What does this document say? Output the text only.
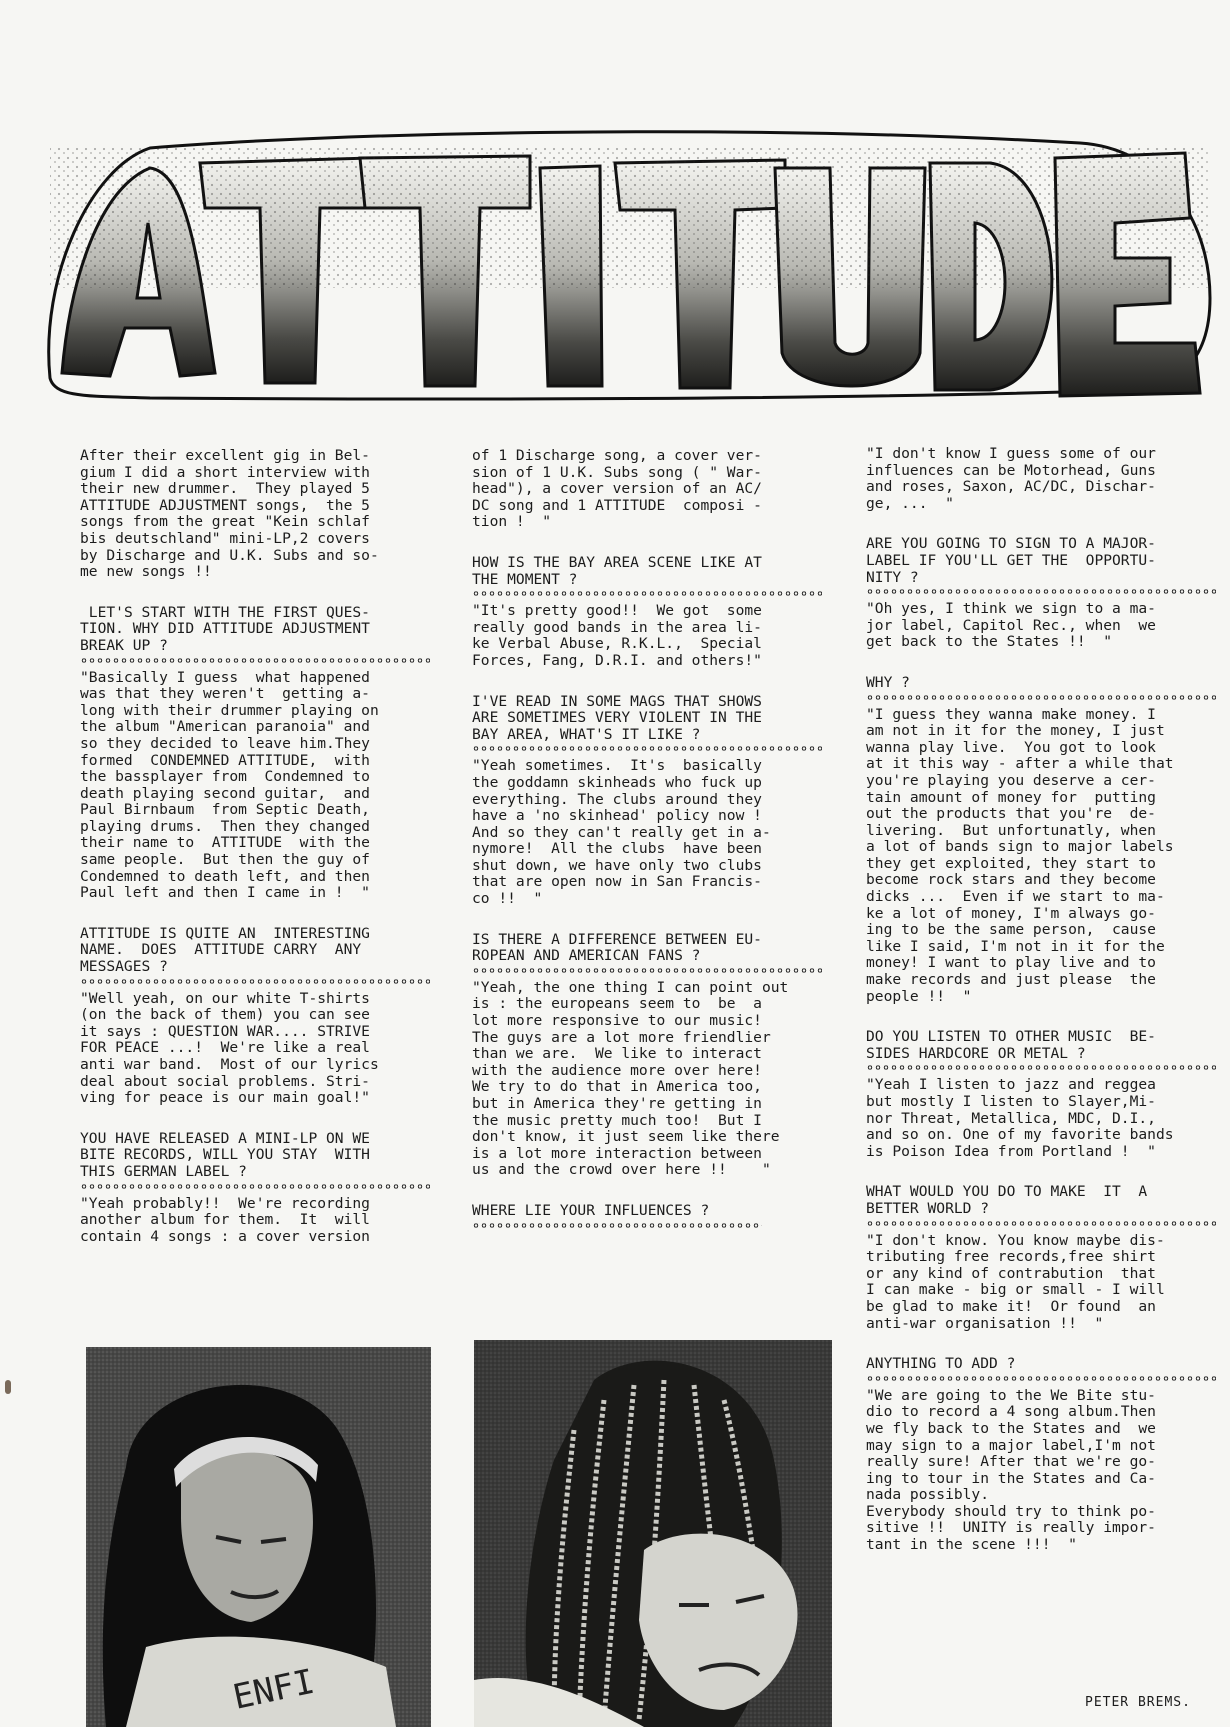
After their excellent gig in Bel-
gium I did a short interview with
their new drummer.  They played 5
ATTITUDE ADJUSTMENT songs,  the 5
songs from the great "Kein schlaf
bis deutschland" mini-LP,2 covers
by Discharge and U.K. Subs and so-
me new songs !!
LET'S START WITH THE FIRST QUES-
TION. WHY DID ATTITUDE ADJUSTMENT
BREAK UP ?
"Basically I guess  what happened
was that they weren't  getting a-
long with their drummer playing on
the album "American paranoia" and
so they decided to leave him.They
formed  CONDEMNED ATTITUDE,  with
the bassplayer from  Condemned to
death playing second guitar,  and
Paul Birnbaum  from Septic Death,
playing drums.  Then they changed
their name to  ATTITUDE  with the
same people.  But then the guy of
Condemned to death left, and then
Paul left and then I came in !  "
ATTITUDE IS QUITE AN  INTERESTING
NAME.  DOES  ATTITUDE CARRY  ANY
MESSAGES ?
"Well yeah, on our white T-shirts
(on the back of them) you can see
it says : QUESTION WAR.... STRIVE
FOR PEACE ...!  We're like a real
anti war band.  Most of our lyrics
deal about social problems. Stri-
ving for peace is our main goal!"
YOU HAVE RELEASED A MINI-LP ON WE
BITE RECORDS, WILL YOU STAY  WITH
THIS GERMAN LABEL ?
"Yeah probably!!  We're recording
another album for them.  It  will
contain 4 songs : a cover version
of 1 Discharge song, a cover ver-
sion of 1 U.K. Subs song ( " War-
head"), a cover version of an AC/
DC song and 1 ATTITUDE  composi -
tion !  "
HOW IS THE BAY AREA SCENE LIKE AT
THE MOMENT ?
"It's pretty good!!  We got  some
really good bands in the area li-
ke Verbal Abuse, R.K.L.,  Special
Forces, Fang, D.R.I. and others!"
I'VE READ IN SOME MAGS THAT SHOWS
ARE SOMETIMES VERY VIOLENT IN THE
BAY AREA, WHAT'S IT LIKE ?
"Yeah sometimes.  It's  basically
the goddamn skinheads who fuck up
everything. The clubs around they
have a 'no skinhead' policy now !
And so they can't really get in a-
nymore!  All the clubs  have been
shut down, we have only two clubs
that are open now in San Francis-
co !!  "
IS THERE A DIFFERENCE BETWEEN EU-
ROPEAN AND AMERICAN FANS ?
"Yeah, the one thing I can point out
is : the europeans seem to  be  a
lot more responsive to our music!
The guys are a lot more friendlier
than we are.  We like to interact
with the audience more over here!
We try to do that in America too,
but in America they're getting in
the music pretty much too!  But I
don't know, it just seem like there
is a lot more interaction between
us and the crowd over here !!    "
WHERE LIE YOUR INFLUENCES ?
"I don't know I guess some of our
influences can be Motorhead, Guns
and roses, Saxon, AC/DC, Dischar-
ge, ...  "
ARE YOU GOING TO SIGN TO A MAJOR-
LABEL IF YOU'LL GET THE  OPPORTU-
NITY ?
"Oh yes, I think we sign to a ma-
jor label, Capitol Rec., when  we
get back to the States !!  "
WHY ?
"I guess they wanna make money. I
am not in it for the money, I just
wanna play live.  You got to look
at it this way - after a while that
you're playing you deserve a cer-
tain amount of money for  putting
out the products that you're  de-
livering.  But unfortunatly, when
a lot of bands sign to major labels
they get exploited, they start to
become rock stars and they become
dicks ...  Even if we start to ma-
ke a lot of money, I'm always go-
ing to be the same person,  cause
like I said, I'm not in it for the
money! I want to play live and to
make records and just please  the
people !!  "
DO YOU LISTEN TO OTHER MUSIC  BE-
SIDES HARDCORE OR METAL ?
"Yeah I listen to jazz and reggea
but mostly I listen to Slayer,Mi-
nor Threat, Metallica, MDC, D.I.,
and so on. One of my favorite bands
is Poison Idea from Portland !  "
WHAT WOULD YOU DO TO MAKE  IT  A
BETTER WORLD ?
"I don't know. You know maybe dis-
tributing free records,free shirt
or any kind of contrabution  that
I can make - big or small - I will
be glad to make it!  Or found  an
anti-war organisation !!  "
ANYTHING TO ADD ?
"We are going to the We Bite stu-
dio to record a 4 song album.Then
we fly back to the States and  we
may sign to a major label,I'm not
really sure! After that we're go-
ing to tour in the States and Ca-
nada possibly.
Everybody should try to think po-
sitive !!  UNITY is really impor-
tant in the scene !!!  "
ENFI	PETER BREMS.
